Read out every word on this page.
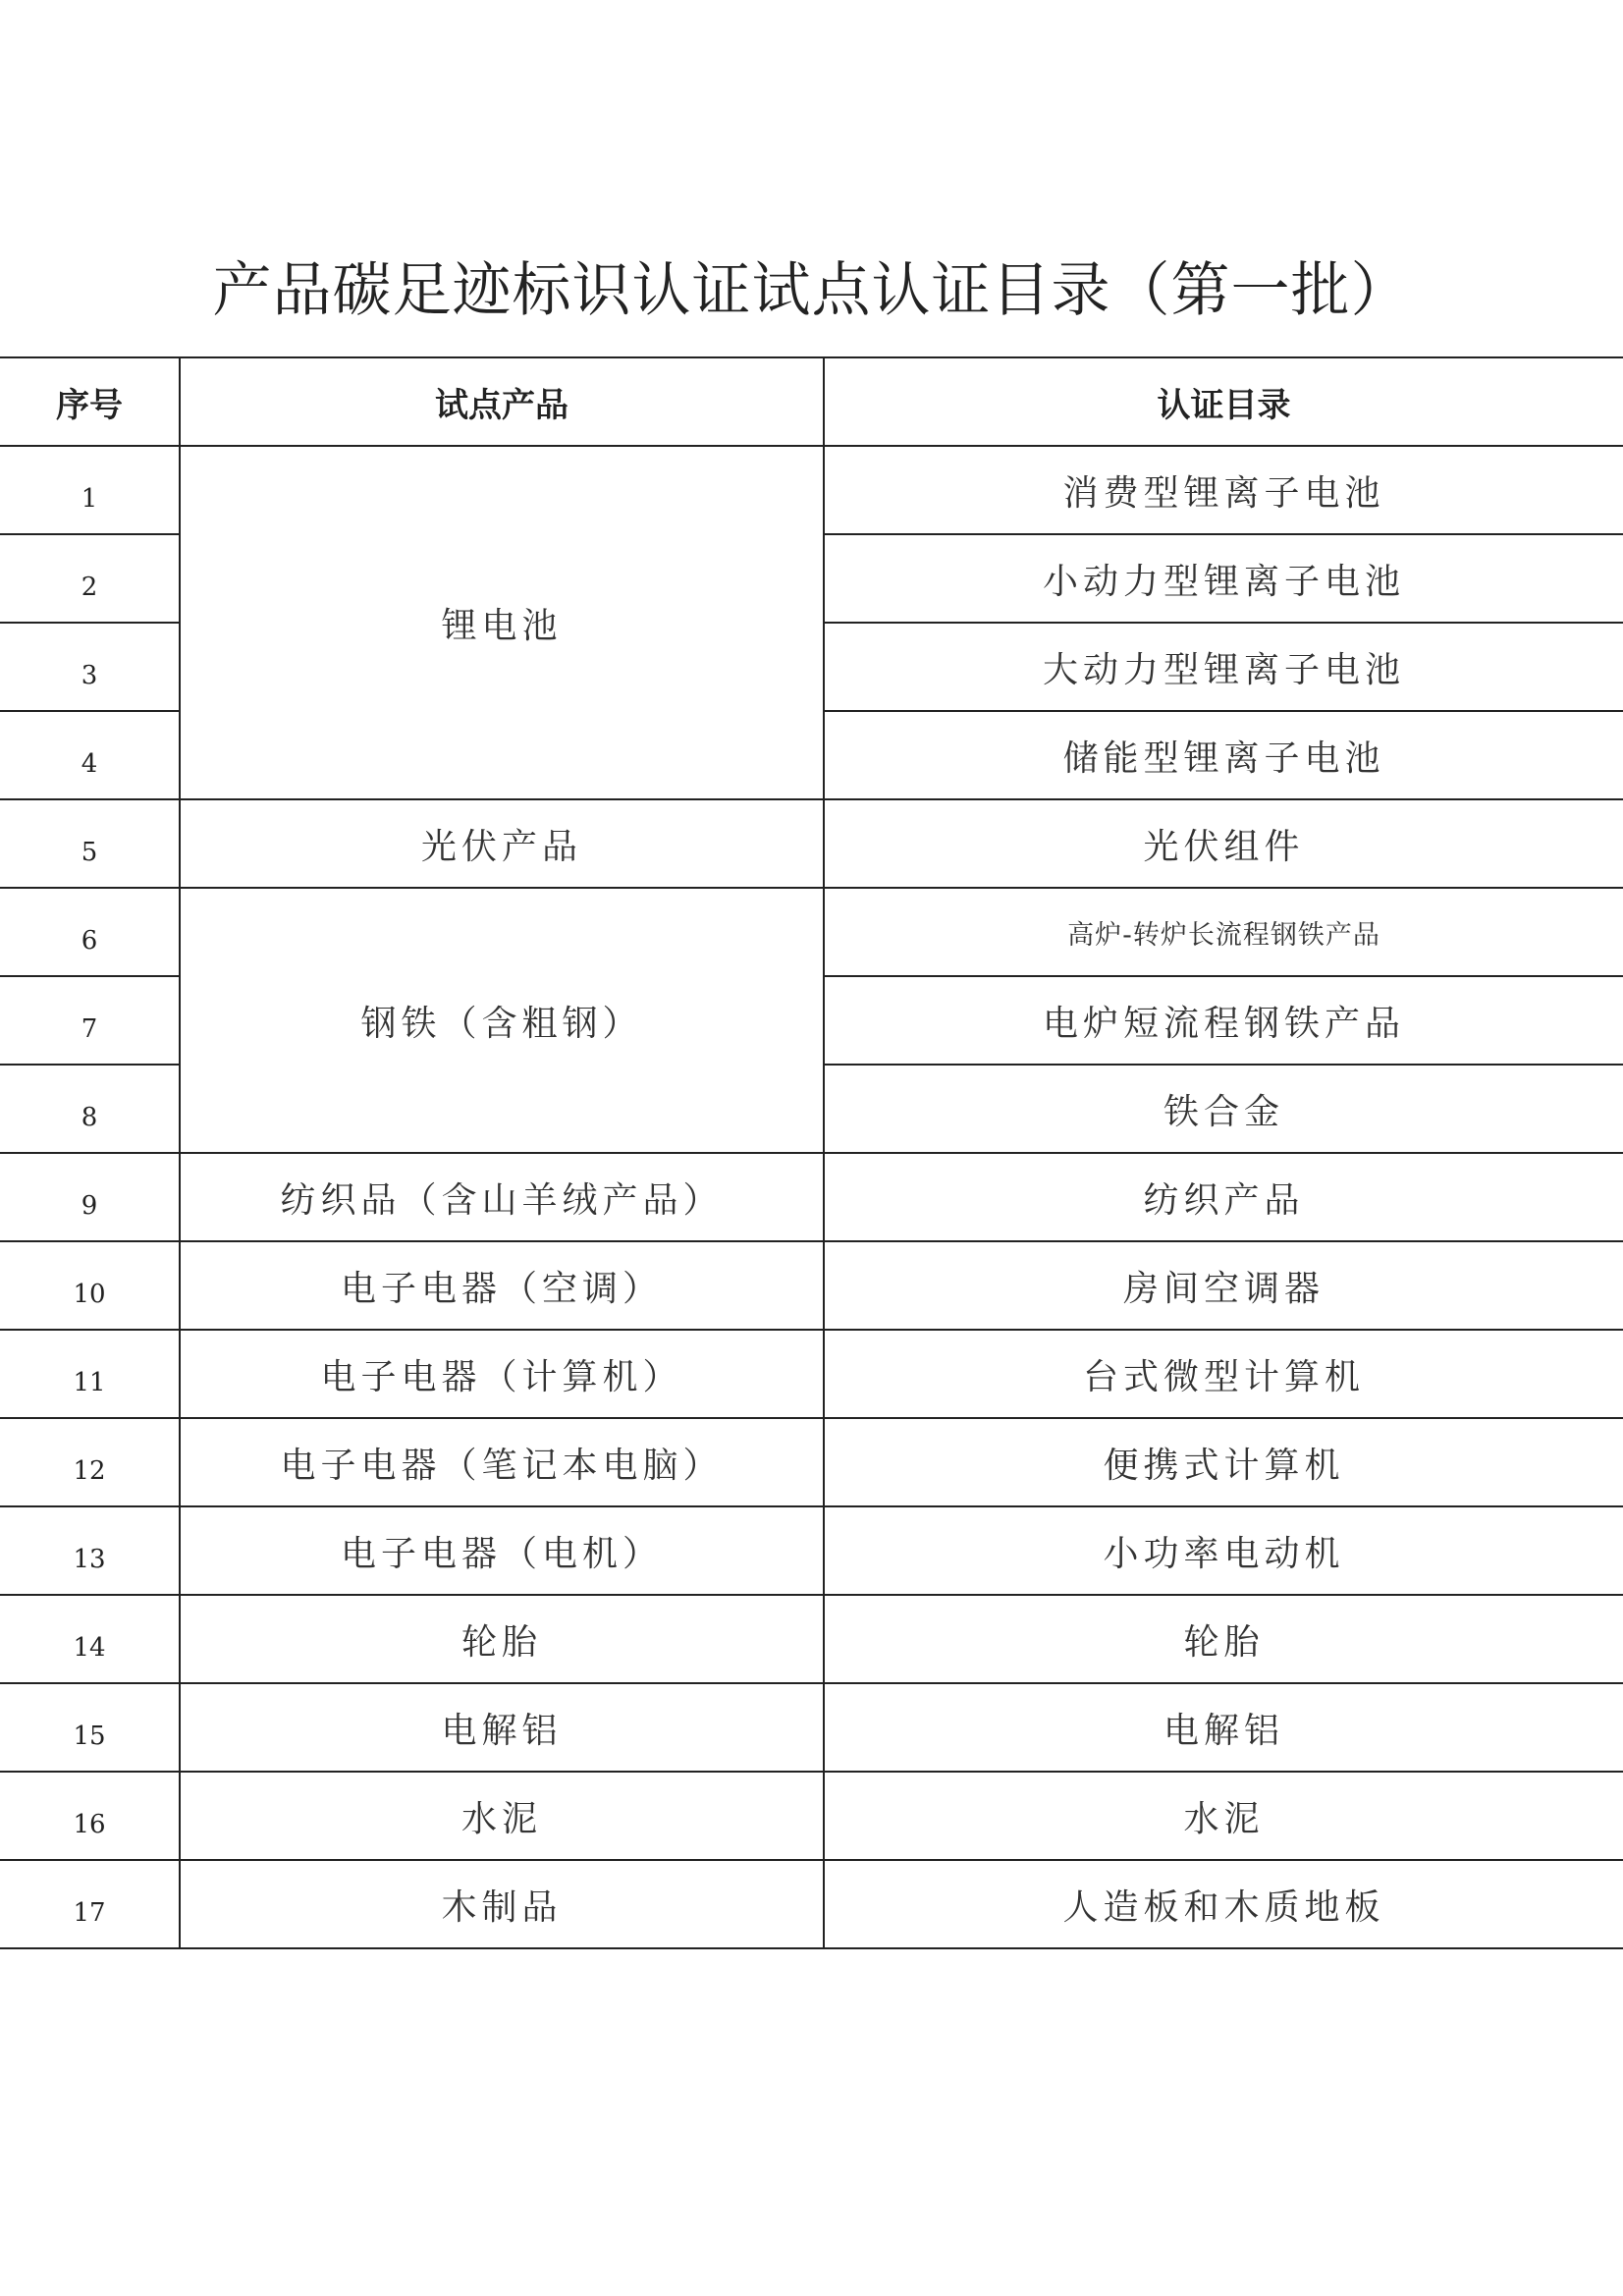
产品碳足迹标识认证试点认证目录（第一批）
序号	试点产品	认证目录
1	锂电池	消费型锂离子电池
2		小动力型锂离子电池
3		大动力型锂离子电池
4		储能型锂离子电池
5	光伏产品	光伏组件
6	钢铁（含粗钢）	高炉-转炉长流程钢铁产品
7		电炉短流程钢铁产品
8		铁合金
9	纺织品（含山羊绒产品）	纺织产品
10	电子电器（空调）	房间空调器
11	电子电器（计算机）	台式微型计算机
12	电子电器（笔记本电脑）	便携式计算机
13	电子电器（电机）	小功率电动机
14	轮胎	轮胎
15	电解铝	电解铝
16	水泥	水泥
17	木制品	人造板和木质地板
